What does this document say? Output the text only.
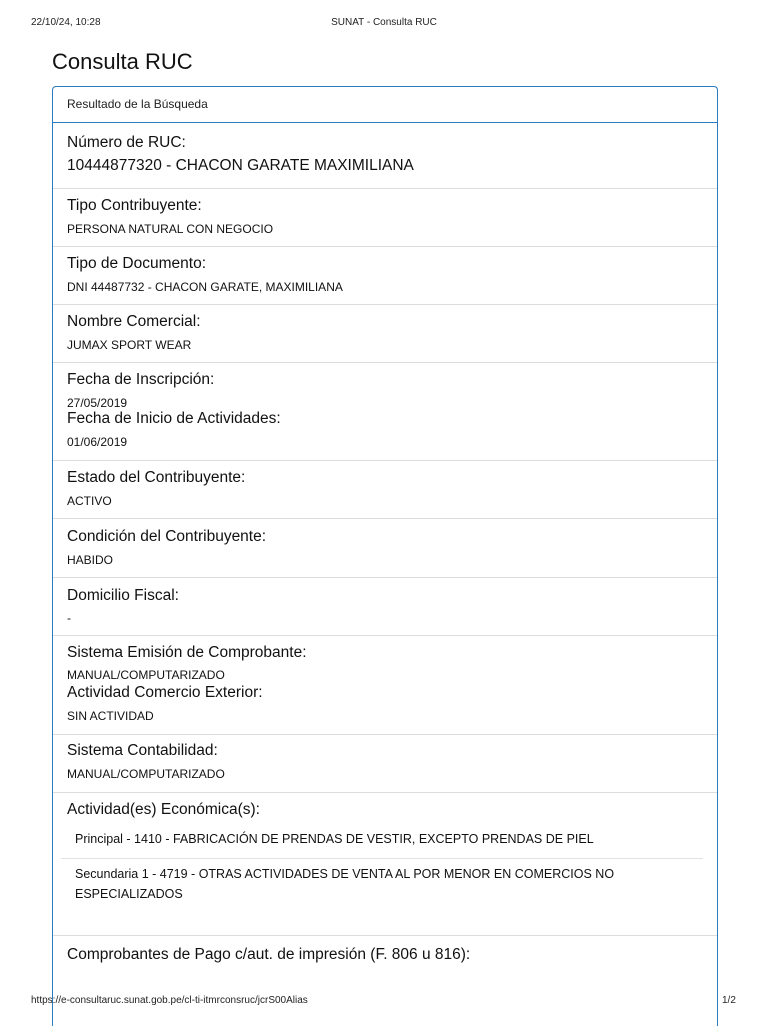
22/10/24, 10:28	SUNAT - Consulta RUC
Consulta RUC
Resultado de la Búsqueda
Número de RUC:
10444877320 - CHACON GARATE MAXIMILIANA
Tipo Contribuyente:
PERSONA NATURAL CON NEGOCIO
Tipo de Documento:
DNI 44487732 - CHACON GARATE, MAXIMILIANA
Nombre Comercial:
JUMAX SPORT WEAR
Fecha de Inscripción:
27/05/2019
Fecha de Inicio de Actividades:
01/06/2019
Estado del Contribuyente:
ACTIVO
Condición del Contribuyente:
HABIDO
Domicilio Fiscal:
-
Sistema Emisión de Comprobante:
MANUAL/COMPUTARIZADO
Actividad Comercio Exterior:
SIN ACTIVIDAD
Sistema Contabilidad:
MANUAL/COMPUTARIZADO
Actividad(es) Económica(s):
Principal - 1410 - FABRICACIÓN DE PRENDAS DE VESTIR, EXCEPTO PRENDAS DE PIEL
Secundaria 1 - 4719 - OTRAS ACTIVIDADES DE VENTA AL POR MENOR EN COMERCIOS NO ESPECIALIZADOS
Comprobantes de Pago c/aut. de impresión (F. 806 u 816):
https://e-consultaruc.sunat.gob.pe/cl-ti-itmrconsruc/jcrS00Alias	1/2
